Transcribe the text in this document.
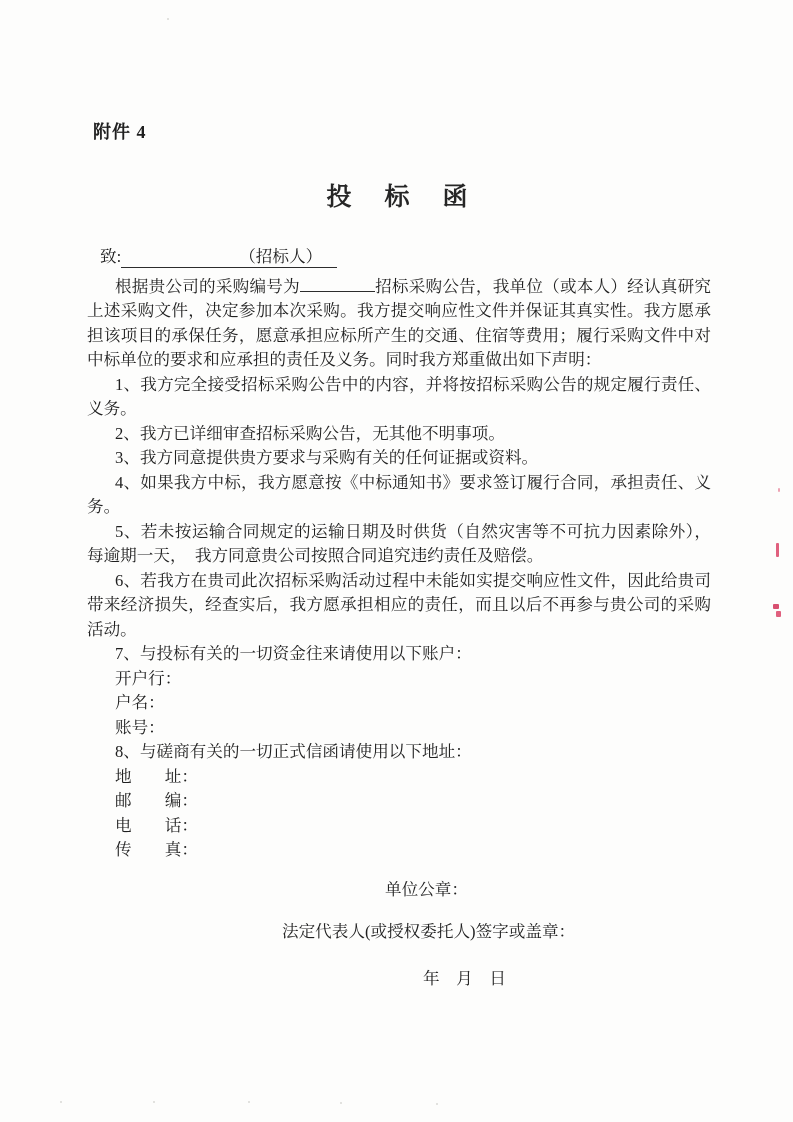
附件 4
投　标　函

致:	（招标人）

根据贵公司的采购编号为	招标采购公告，我单位（或本人）经认真研究上述采购文件，决定参加本次采购。我方提交响应性文件并保证其真实性。我方愿承担该项目的承保任务，愿意承担应标所产生的交通、住宿等费用；履行采购文件中对中标单位的要求和应承担的责任及义务。同时我方郑重做出如下声明：

1、我方完全接受招标采购公告中的内容，并将按招标采购公告的规定履行责任、义务。

2、我方已详细审查招标采购公告，无其他不明事项。

3、我方同意提供贵方要求与采购有关的任何证据或资料。

4、如果我方中标，我方愿意按《中标通知书》要求签订履行合同，承担责任、义务。

5、若未按运输合同规定的运输日期及时供货（自然灾害等不可抗力因素除外），每逾期一天，　我方同意贵公司按照合同追究违约责任及赔偿。

6、若我方在贵司此次招标采购活动过程中未能如实提交响应性文件，因此给贵司带来经济损失，经查实后，我方愿承担相应的责任，而且以后不再参与贵公司的采购活动。

7、与投标有关的一切资金往来请使用以下账户：

开户行：

户名：

账号：

8、与磋商有关的一切正式信函请使用以下地址：

地　　址：

邮　　编：

电　　话：

传　　真：

单位公章：

法定代表人(或授权委托人)签字或盖章：

年　月　日
